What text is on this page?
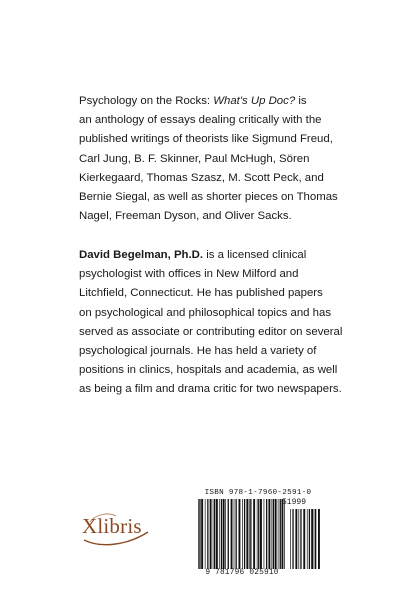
Psychology on the Rocks: What's Up Doc? is
an anthology of essays dealing critically with the
published writings of theorists like Sigmund Freud,
Carl Jung, B. F. Skinner, Paul McHugh, Sören
Kierkegaard, Thomas Szasz, M. Scott Peck, and
Bernie Siegal, as well as shorter pieces on Thomas
Nagel, Freeman Dyson, and Oliver Sacks.

David Begelman, Ph.D. is a licensed clinical
psychologist with offices in New Milford and
Litchfield, Connecticut. He has published papers
on psychological and philosophical topics and has
served as associate or contributing editor on several
psychological journals. He has held a variety of
positions in clinics, hospitals and academia, as well
as being a film and drama critic for two newspapers.

Xlibris
ISBN 978-1-7960-2591-0
51999
9 781796 025910
